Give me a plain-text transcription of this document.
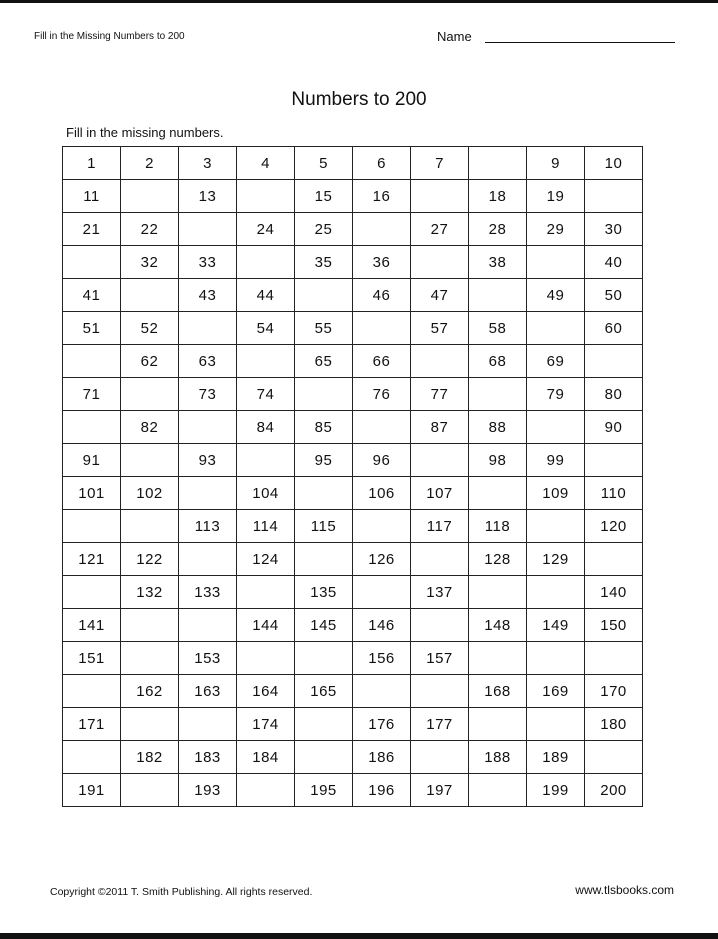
Fill in the Missing Numbers to 200	Name
Numbers to 200
Fill in the missing numbers.
1	2	3	4	5	6	7		9	10
11		13		15	16		18	19	
21	22		24	25		27	28	29	30
	32	33		35	36		38		40
41		43	44		46	47		49	50
51	52		54	55		57	58		60
	62	63		65	66		68	69	
71		73	74		76	77		79	80
	82		84	85		87	88		90
91		93		95	96		98	99	
101	102		104		106	107		109	110
		113	114	115		117	118		120
121	122		124		126		128	129	
	132	133		135		137			140
141			144	145	146		148	149	150
151		153			156	157			
	162	163	164	165			168	169	170
171			174		176	177			180
	182	183	184		186		188	189	
191		193		195	196	197		199	200
Copyright ©2011 T. Smith Publishing. All rights reserved.	www.tlsbooks.com
